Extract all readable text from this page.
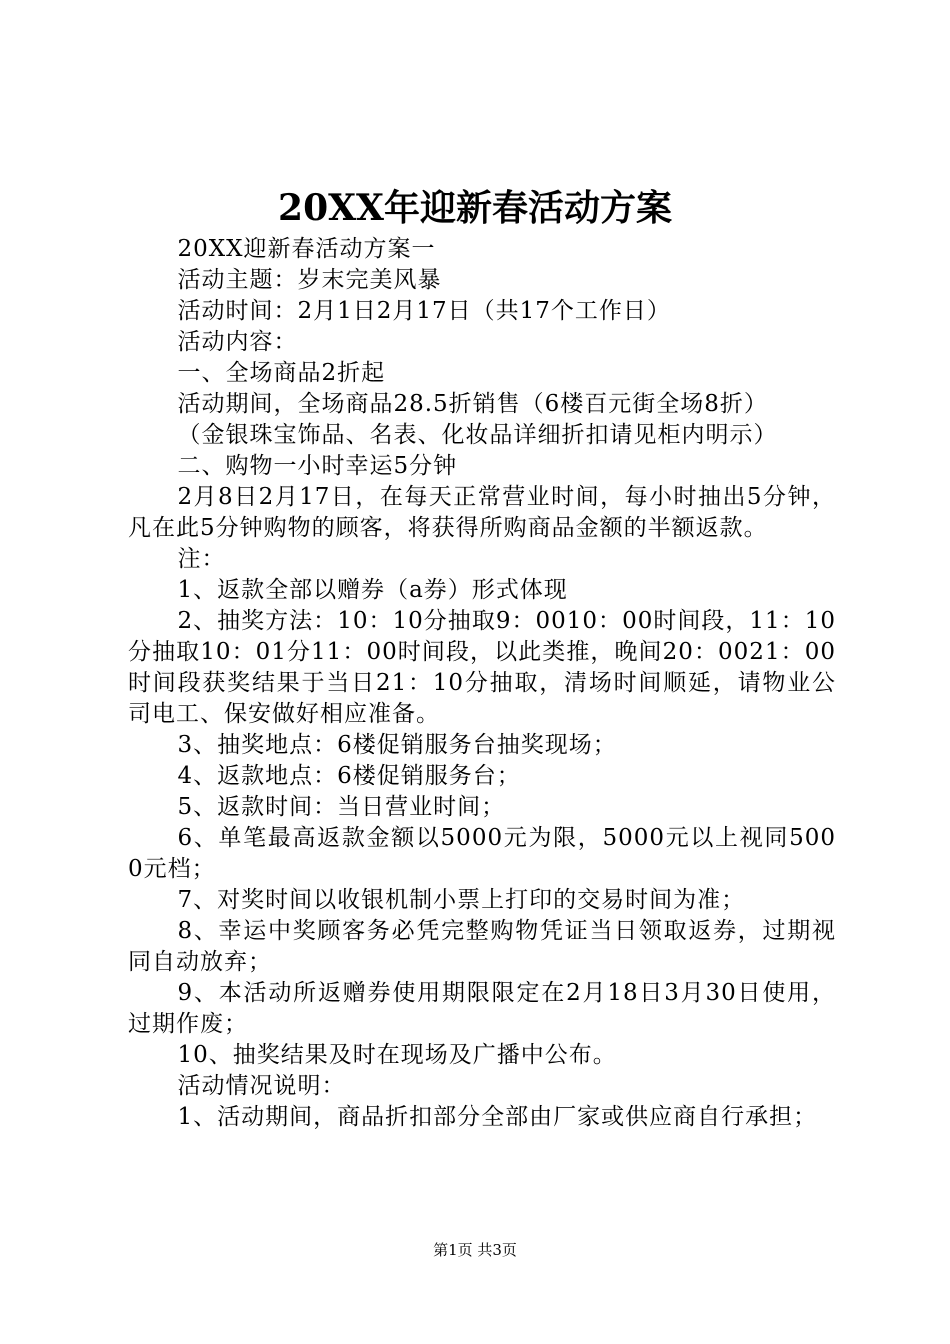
20XX年迎新春活动方案

20XX迎新春活动方案一

活动主题：岁末完美风暴

活动时间：2月1日2月17日（共17个工作日）

活动内容：

一、全场商品2折起

活动期间，全场商品28.5折销售（6楼百元街全场8折）

（金银珠宝饰品、名表、化妆品详细折扣请见柜内明示）

二、购物一小时幸运5分钟

2月8日2月17日，在每天正常营业时间，每小时抽出5分钟，凡在此5分钟购物的顾客，将获得所购商品金额的半额返款。

注：

1、返款全部以赠券（a券）形式体现

2、抽奖方法：10：10分抽取9：0010：00时间段，11：10分抽取10：01分11：00时间段，以此类推，晚间20：0021：00时间段获奖结果于当日21：10分抽取，清场时间顺延，请物业公司电工、保安做好相应准备。

3、抽奖地点：6楼促销服务台抽奖现场；

4、返款地点：6楼促销服务台；

5、返款时间：当日营业时间；

6、单笔最高返款金额以5000元为限，5000元以上视同5000元档；

7、对奖时间以收银机制小票上打印的交易时间为准；

8、幸运中奖顾客务必凭完整购物凭证当日领取返券，过期视同自动放弃；

9、本活动所返赠券使用期限限定在2月18日3月30日使用，过期作废；

10、抽奖结果及时在现场及广播中公布。

活动情况说明：

1、活动期间，商品折扣部分全部由厂家或供应商自行承担；

第1页 共3页
